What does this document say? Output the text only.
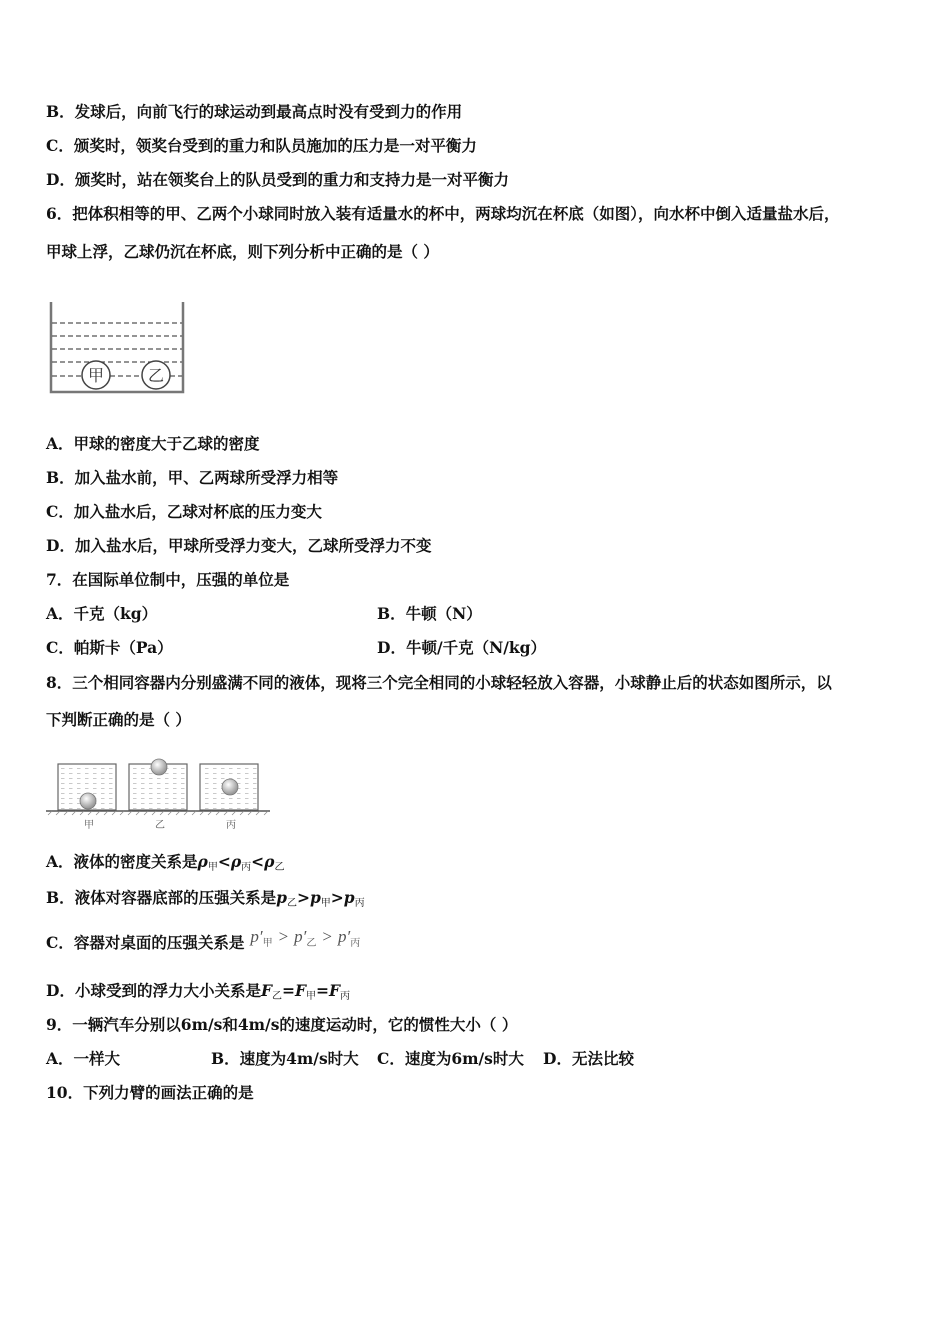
B．发球后，向前飞行的球运动到最高点时没有受到力的作用
C．颁奖时，领奖台受到的重力和队员施加的压力是一对平衡力
D．颁奖时，站在领奖台上的队员受到的重力和支持力是一对平衡力
6．把体积相等的甲、乙两个小球同时放入装有适量水的杯中，两球均沉在杯底（如图），向水杯中倒入适量盐水后，
甲球上浮，乙球仍沉在杯底，则下列分析中正确的是（ ）
甲	乙
A．甲球的密度大于乙球的密度
B．加入盐水前，甲、乙两球所受浮力相等
C．加入盐水后，乙球对杯底的压力变大
D．加入盐水后，甲球所受浮力变大，乙球所受浮力不变
7．在国际单位制中，压强的单位是
A．千克（kg）	B．牛顿（N）
C．帕斯卡（Pa）	D．牛顿/千克（N/kg）
8．三个相同容器内分别盛满不同的液体，现将三个完全相同的小球轻轻放入容器，小球静止后的状态如图所示，以
下判断正确的是（ ）
甲	乙	丙
A．液体的密度关系是$\rho_甲<\rho_丙<\rho_乙$
B．液体对容器底部的压强关系是$p_乙>p_甲>p_丙$
C．容器对桌面的压强关系是 $p'_甲 > p'_乙 > p'_丙$
D．小球受到的浮力大小关系是$F_乙=F_甲=F_丙$
9．一辆汽车分别以6m/s和4m/s的速度运动时，它的惯性大小（ ）
A．一样大	B．速度为4m/s时大 C．速度为6m/s时大 D．无法比较
10．下列力臂的画法正确的是
